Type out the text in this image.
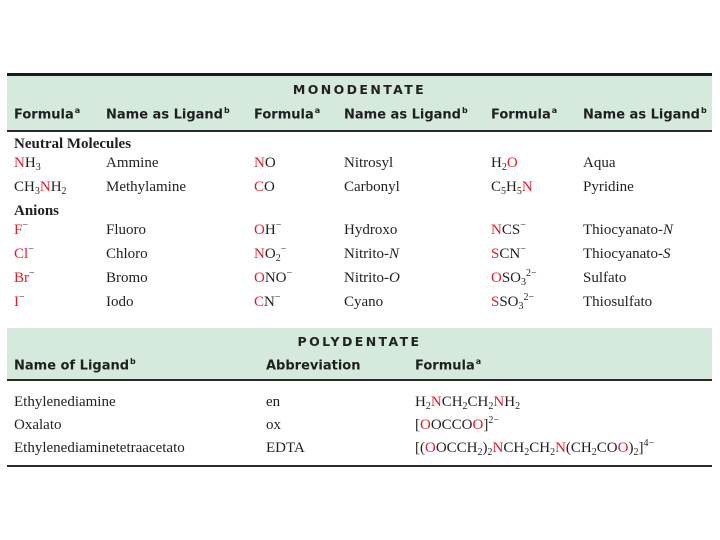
MONODENTATE
Formula$^a$ Name as Ligand$^b$ Formula$^a$ Name as Ligand$^b$ Formula$^a$ Name as Ligand$^b$
Neutral Molecules
$NH_3$	Ammine	NO	Nitrosyl	$H_2O$	Aqua
$CH_3NH_2$	Methylamine	CO	Carbonyl	$C_5H_5N$	Pyridine
Anions
F−	Fluoro	OH−	Hydroxo	NCS−	Thiocyanato-N
Cl−	Chloro	$NO_2^-$	Nitrito-N	SCN−	Thiocyanato-S
Br−	Bromo	ONO−	Nitrito-O	$OSO_3^{2-}$	Sulfato
I−	Iodo	CN−	Cyano	$SSO_3^{2-}$	Thiosulfato
POLYDENTATE
Name of Ligand$^b$	Abbreviation	Formula$^a$
Ethylenediamine	en	$H_2NCH_2CH_2NH_2$
Oxalato	ox	[OOCCOO]$^{2-}$
Ethylenediaminetetraacetato	EDTA	$[(OOCCH_2)_2NCH_2CH_2N(CH_2COO)_2]^{4-}$
